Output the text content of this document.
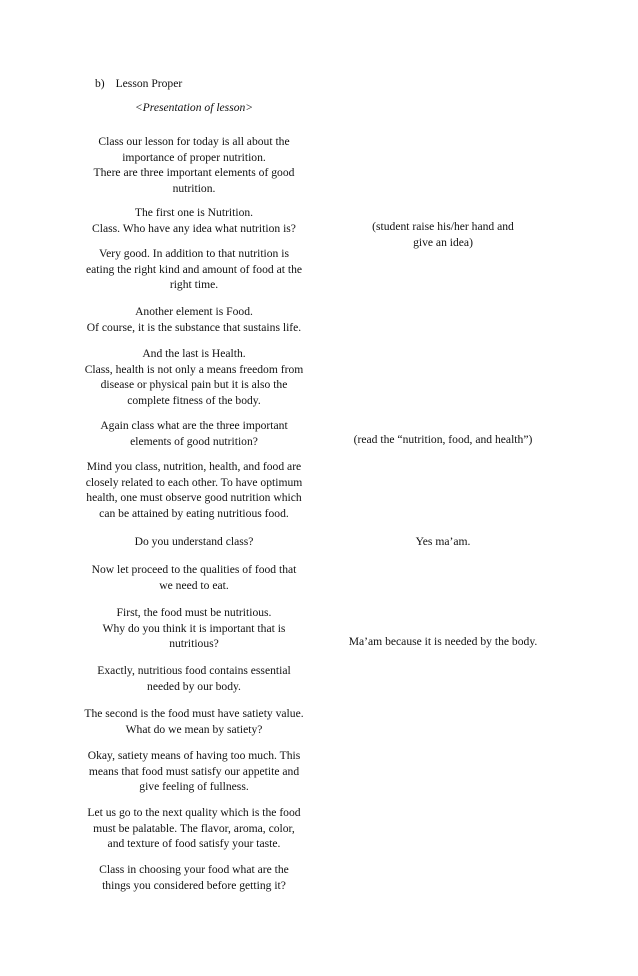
b) Lesson Proper
<Presentation of lesson>

Class our lesson for today is all about the

importance of proper nutrition.

There are three important elements of good

nutrition.

The first one is Nutrition.

Class. Who have any idea what nutrition is?

Very good. In addition to that nutrition is

eating the right kind and amount of food at the

right time.

Another element is Food.

Of course, it is the substance that sustains life.

And the last is Health.

Class, health is not only a means freedom from

disease or physical pain but it is also the

complete fitness of the body.

Again class what are the three important

elements of good nutrition?

Mind you class, nutrition, health, and food are

closely related to each other. To have optimum

health, one must observe good nutrition which

can be attained by eating nutritious food.

Do you understand class?

Now let proceed to the qualities of food that

we need to eat.

First, the food must be nutritious.

Why do you think it is important that is

nutritious?

Exactly, nutritious food contains essential

needed by our body.

The second is the food must have satiety value.

What do we mean by satiety?

Okay, satiety means of having too much. This

means that food must satisfy our appetite and

give feeling of fullness.

Let us go to the next quality which is the food

must be palatable. The flavor, aroma, color,

and texture of food satisfy your taste.

Class in choosing your food what are the

things you considered before getting it?

(student raise his/her hand and

give an idea)

(read the “nutrition, food, and health”)

Yes ma’am.

Ma’am because it is needed by the body.
